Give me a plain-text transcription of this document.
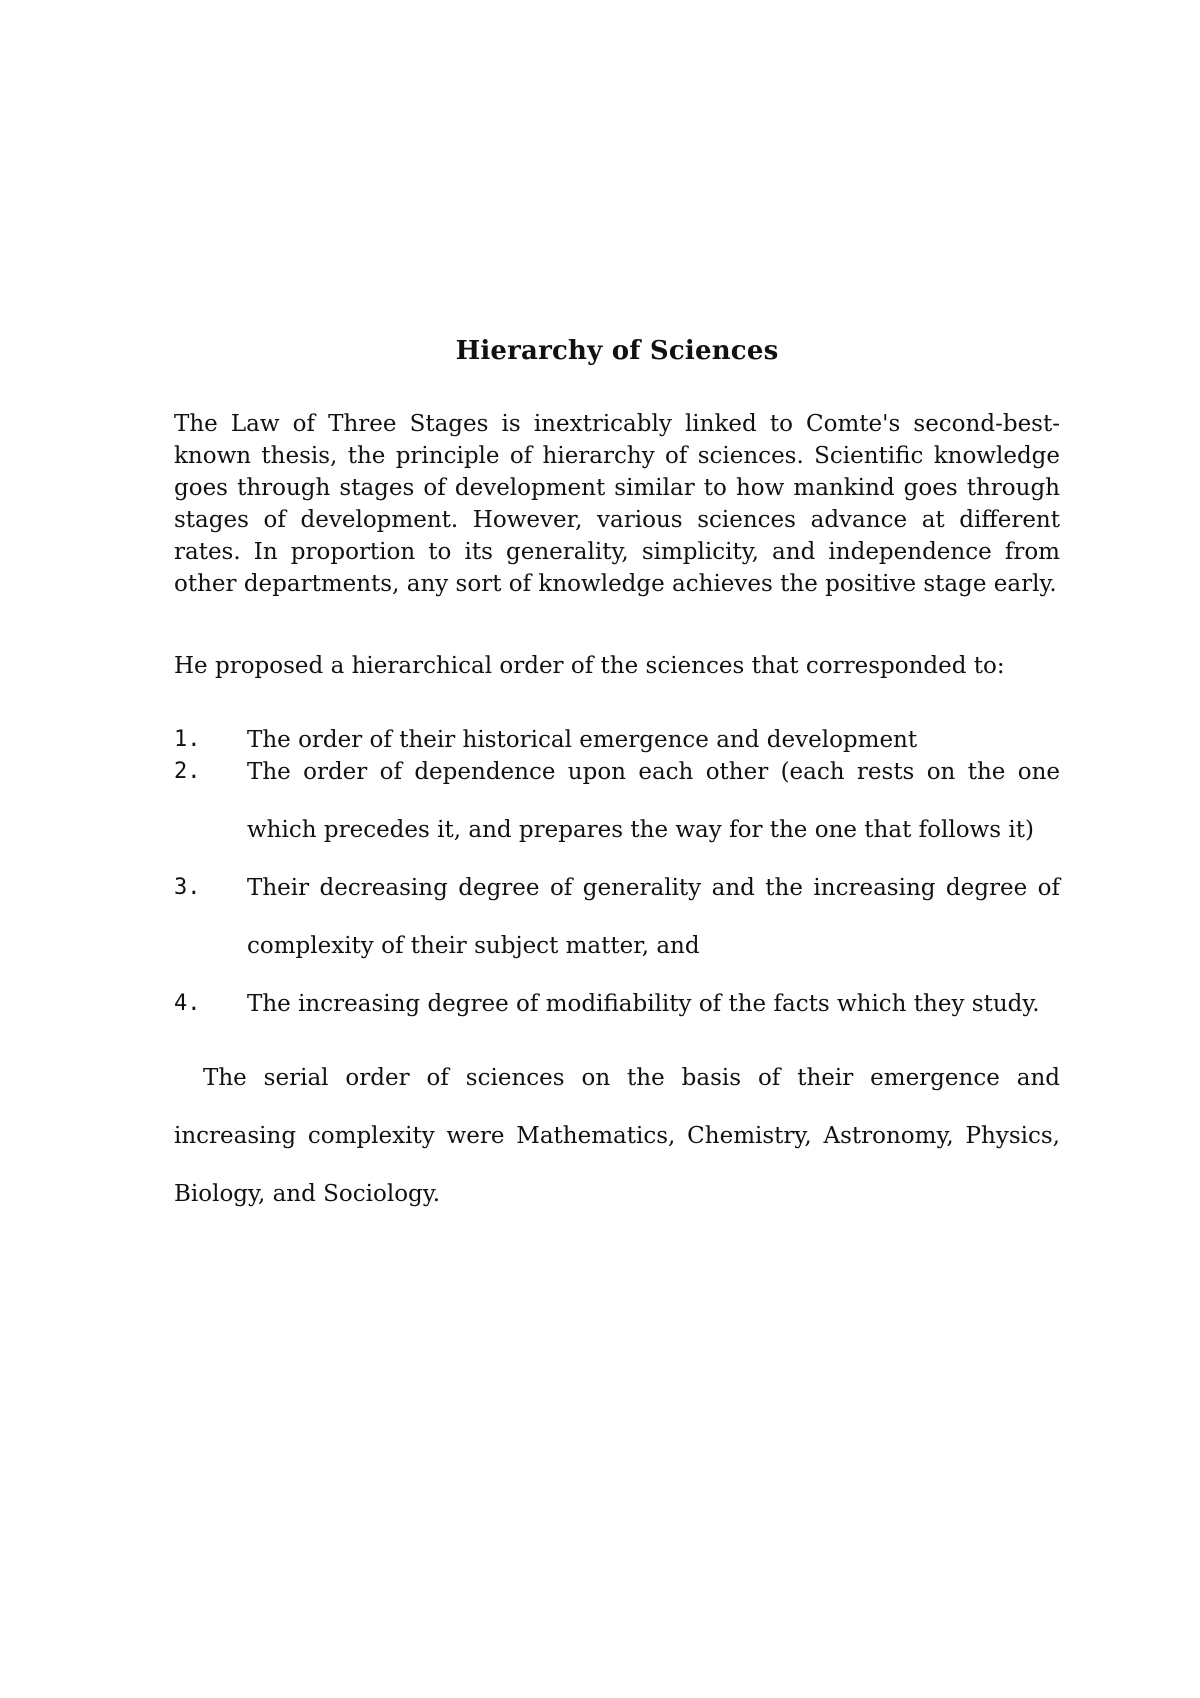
Hierarchy of Sciences

The Law of Three Stages is inextricably linked to Comte's second-best-known thesis, the principle of hierarchy of sciences. Scientific knowledge goes through stages of development similar to how mankind goes through stages of development. However, various sciences advance at different rates. In proportion to its generality, simplicity, and independence from other departments, any sort of knowledge achieves the positive stage early.

He proposed a hierarchical order of the sciences that corresponded to:

1.	The order of their historical emergence and development
2.	The order of dependence upon each other (each rests on the one which precedes it, and prepares the way for the one that follows it)
3.	Their decreasing degree of generality and the increasing degree of complexity of their subject matter, and
4.	The increasing degree of modifiability of the facts which they study.

The serial order of sciences on the basis of their emergence and increasing complexity were Mathematics, Chemistry, Astronomy, Physics, Biology, and Sociology.
